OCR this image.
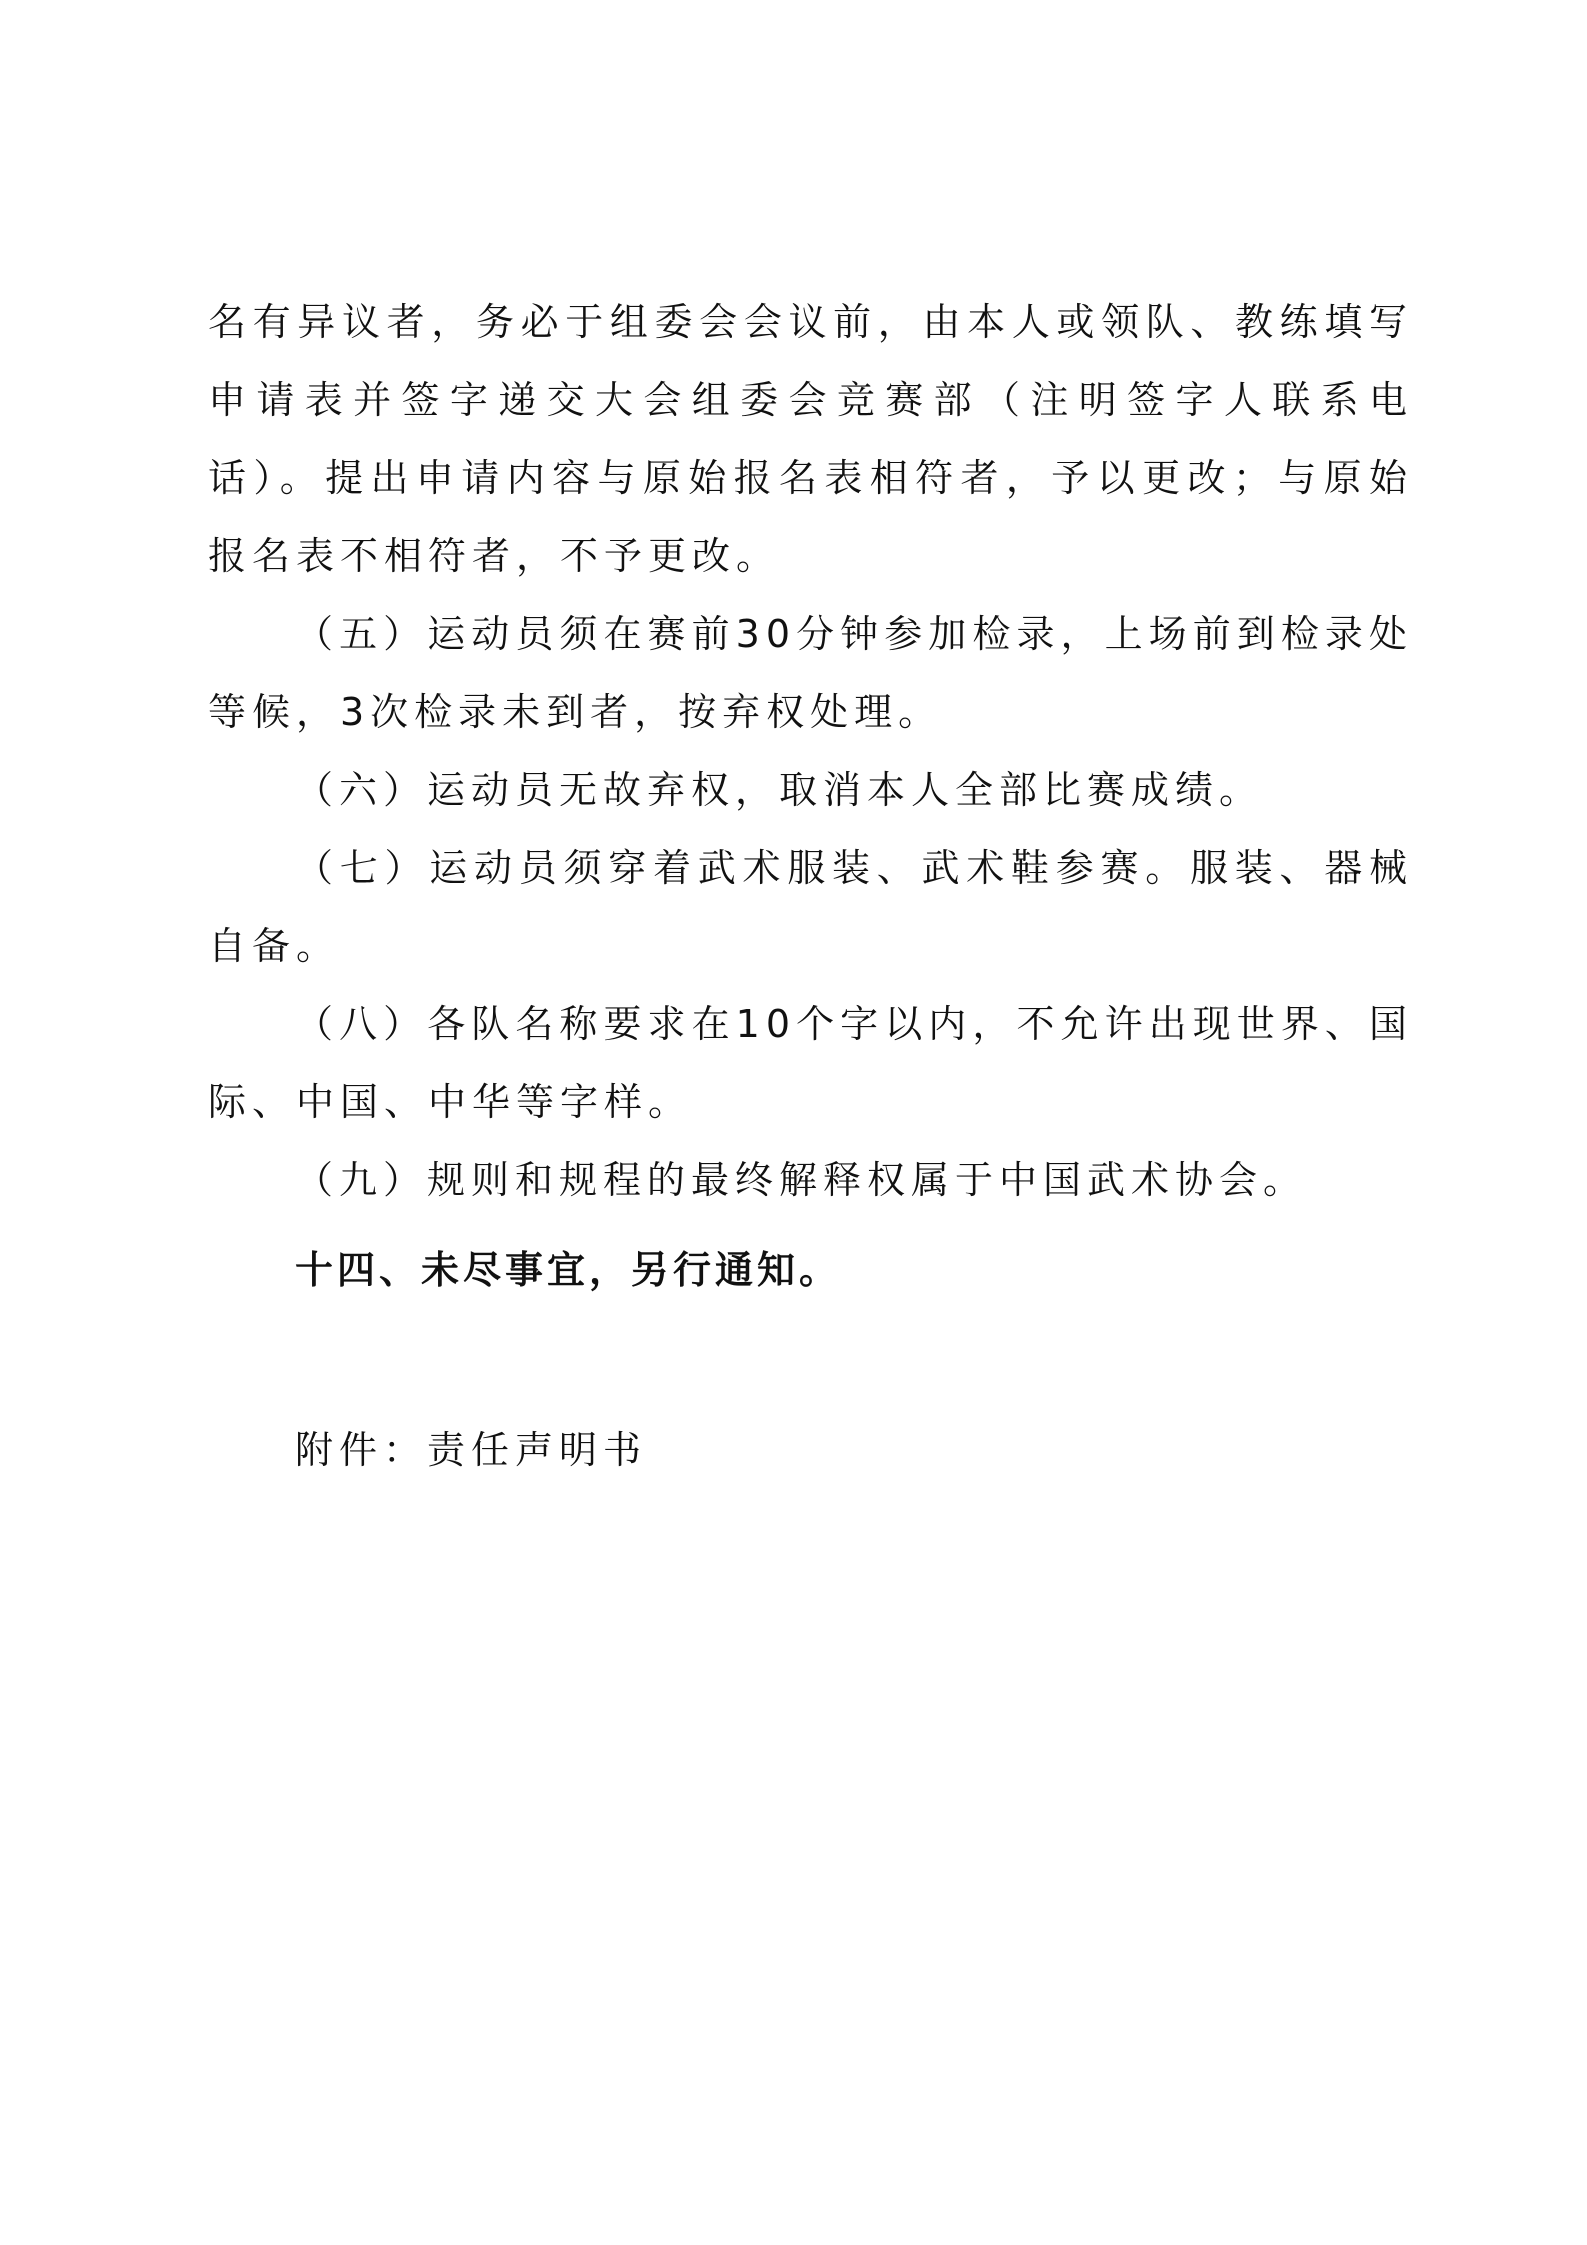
名有异议者，务必于组委会会议前，由本人或领队、教练填写申请表并签字递交大会组委会竞赛部（注明签字人联系电话）。提出申请内容与原始报名表相符者，予以更改；与原始报名表不相符者，不予更改。

（五）运动员须在赛前30分钟参加检录，上场前到检录处等候，3次检录未到者，按弃权处理。

（六）运动员无故弃权，取消本人全部比赛成绩。

（七）运动员须穿着武术服装、武术鞋参赛。服装、器械自备。

（八）各队名称要求在10个字以内，不允许出现世界、国际、中国、中华等字样。

（九）规则和规程的最终解释权属于中国武术协会。

十四、未尽事宜，另行通知。

附件：责任声明书
